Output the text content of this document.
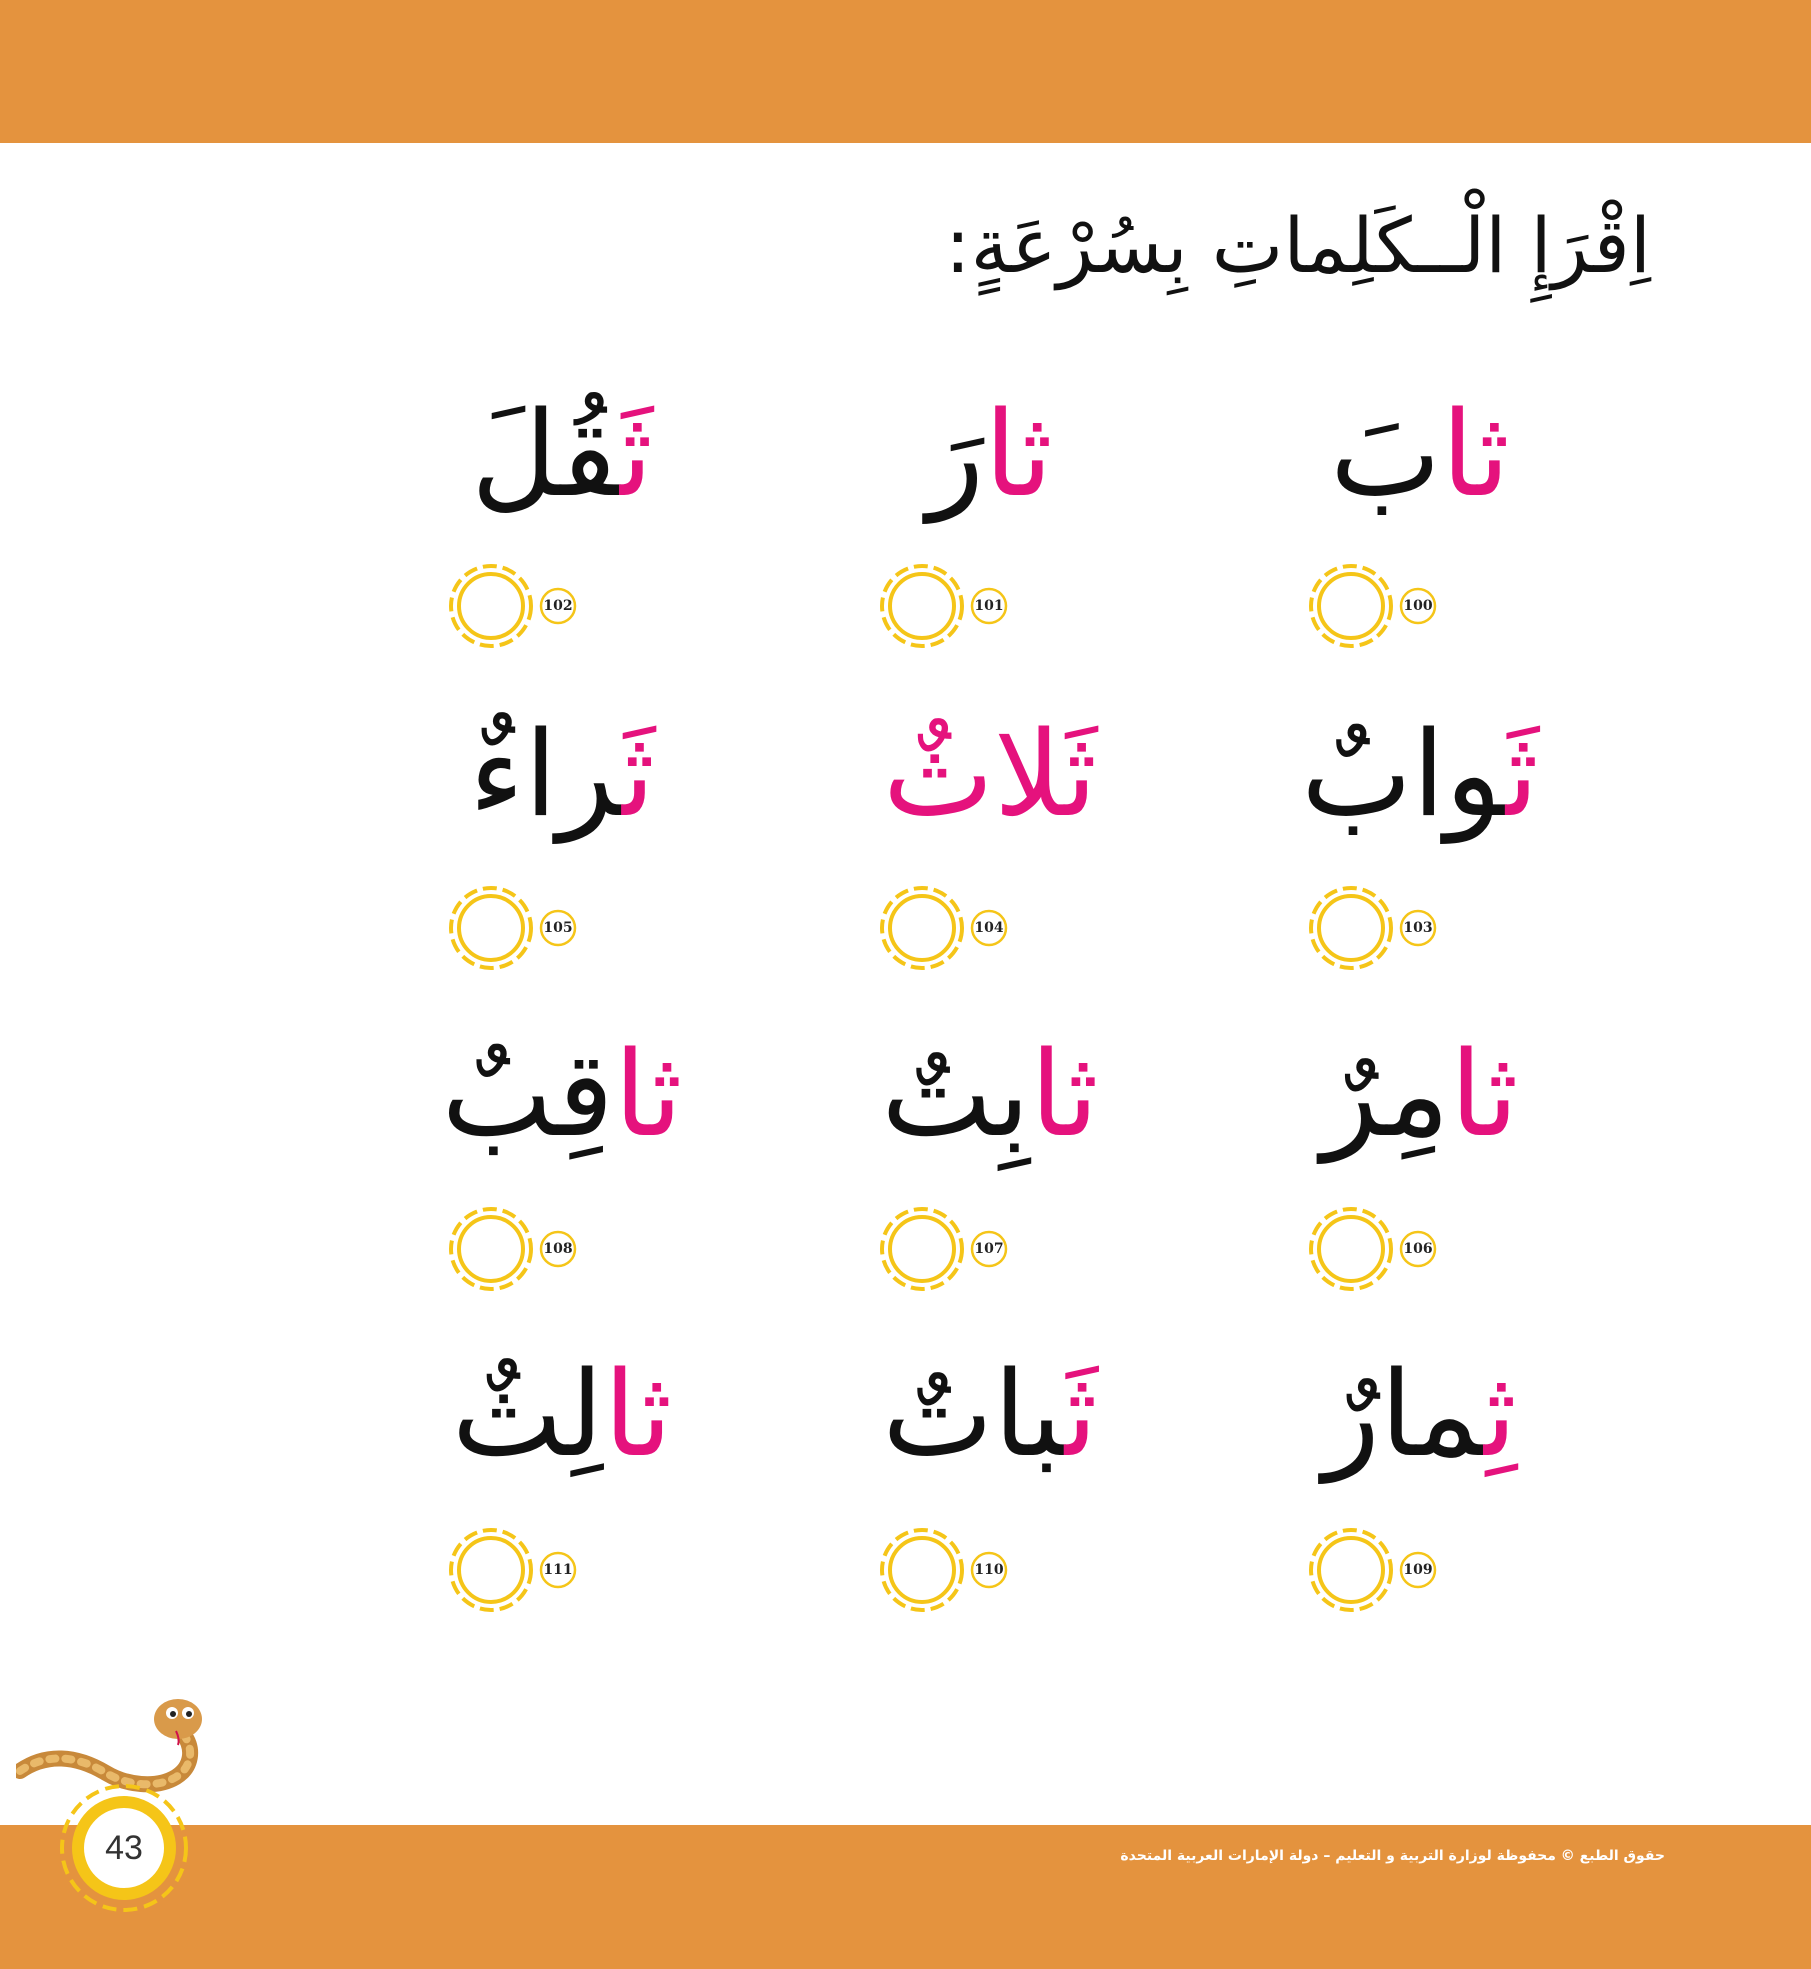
اِقْرَإِ الْــكَلِماتِ بِسُرْعَةٍ:
ثابَ
ثارَ
ثَقُلَ
ثَوابٌ
ثَلاثٌ
ثَراءٌ
ثامِرٌ
ثابِتٌ
ثاقِبٌ
ثِمارٌ
ثَباتٌ
ثالِثٌ
100
101
102
103
104
105
106
107
108
109
110
111
43	حقوق الطبع © محفوظة لوزارة التربية و التعليم – دولة الإمارات العربية المتحدة
